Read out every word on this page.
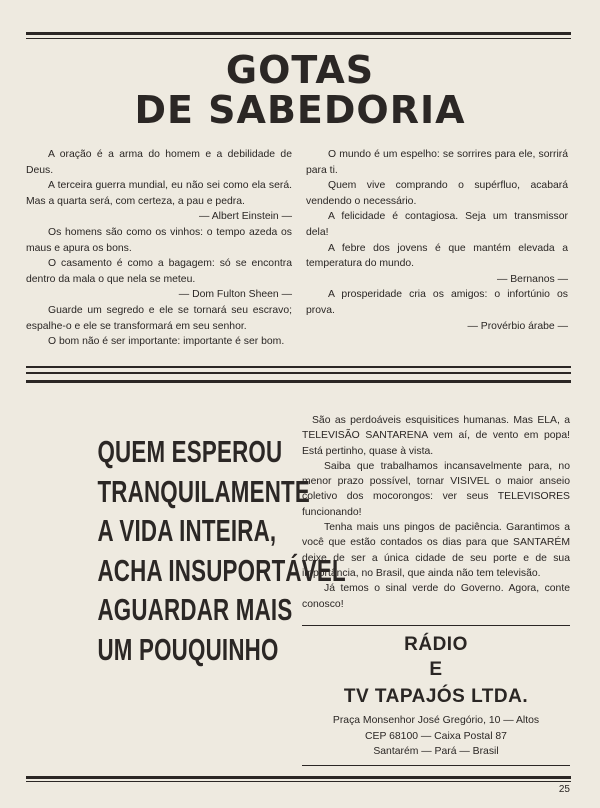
GOTAS
DE SABEDORIA

A oração é a arma do homem e a debilidade de Deus.

A terceira guerra mundial, eu não sei como ela será. Mas a quarta será, com certeza, a pau e pedra.

— Albert Einstein —

Os homens são como os vinhos: o tempo azeda os maus e apura os bons.

O casamento é como a bagagem: só se encontra dentro da mala o que nela se meteu.

— Dom Fulton Sheen —

Guarde um segredo e ele se tornará seu escravo; espalhe-o e ele se transformará em seu senhor.

O bom não é ser importante: importante é ser bom.

O mundo é um espelho: se sorrires para ele, sorrirá para ti.

Quem vive comprando o supérfluo, acabará vendendo o necessário.

A felicidade é contagiosa. Seja um transmissor dela!

A febre dos jovens é que mantém elevada a temperatura do mundo.

— Bernanos —

A prosperidade cria os amigos: o infortúnio os prova.

— Provérbio árabe —

QUEM ESPEROU
TRANQUILAMENTE
A VIDA INTEIRA,
ACHA INSUPORTÁVEL
AGUARDAR MAIS
UM POUQUINHO

São as perdoáveis esquisitices humanas. Mas ELA, a TELEVISÃO SANTARENA vem aí, de vento em popa! Está pertinho, quase à vista.

Saiba que trabalhamos incansavelmente para, no menor prazo possível, tornar VISIVEL o maior anseio coletivo dos mocorongos: ver seus TELEVISORES funcionando!

Tenha mais uns pingos de paciência. Garantimos a você que estão contados os dias para que SANTARÉM deixe de ser a única cidade de seu porte e de sua importância, no Brasil, que ainda não tem televisão.

Já temos o sinal verde do Governo. Agora, conte conosco!

RÁDIO
E
TV TAPAJÓS LTDA.
Praça Monsenhor José Gregório, 10 — Altos
CEP 68100 — Caixa Postal 87
Santarém — Pará — Brasil
25
